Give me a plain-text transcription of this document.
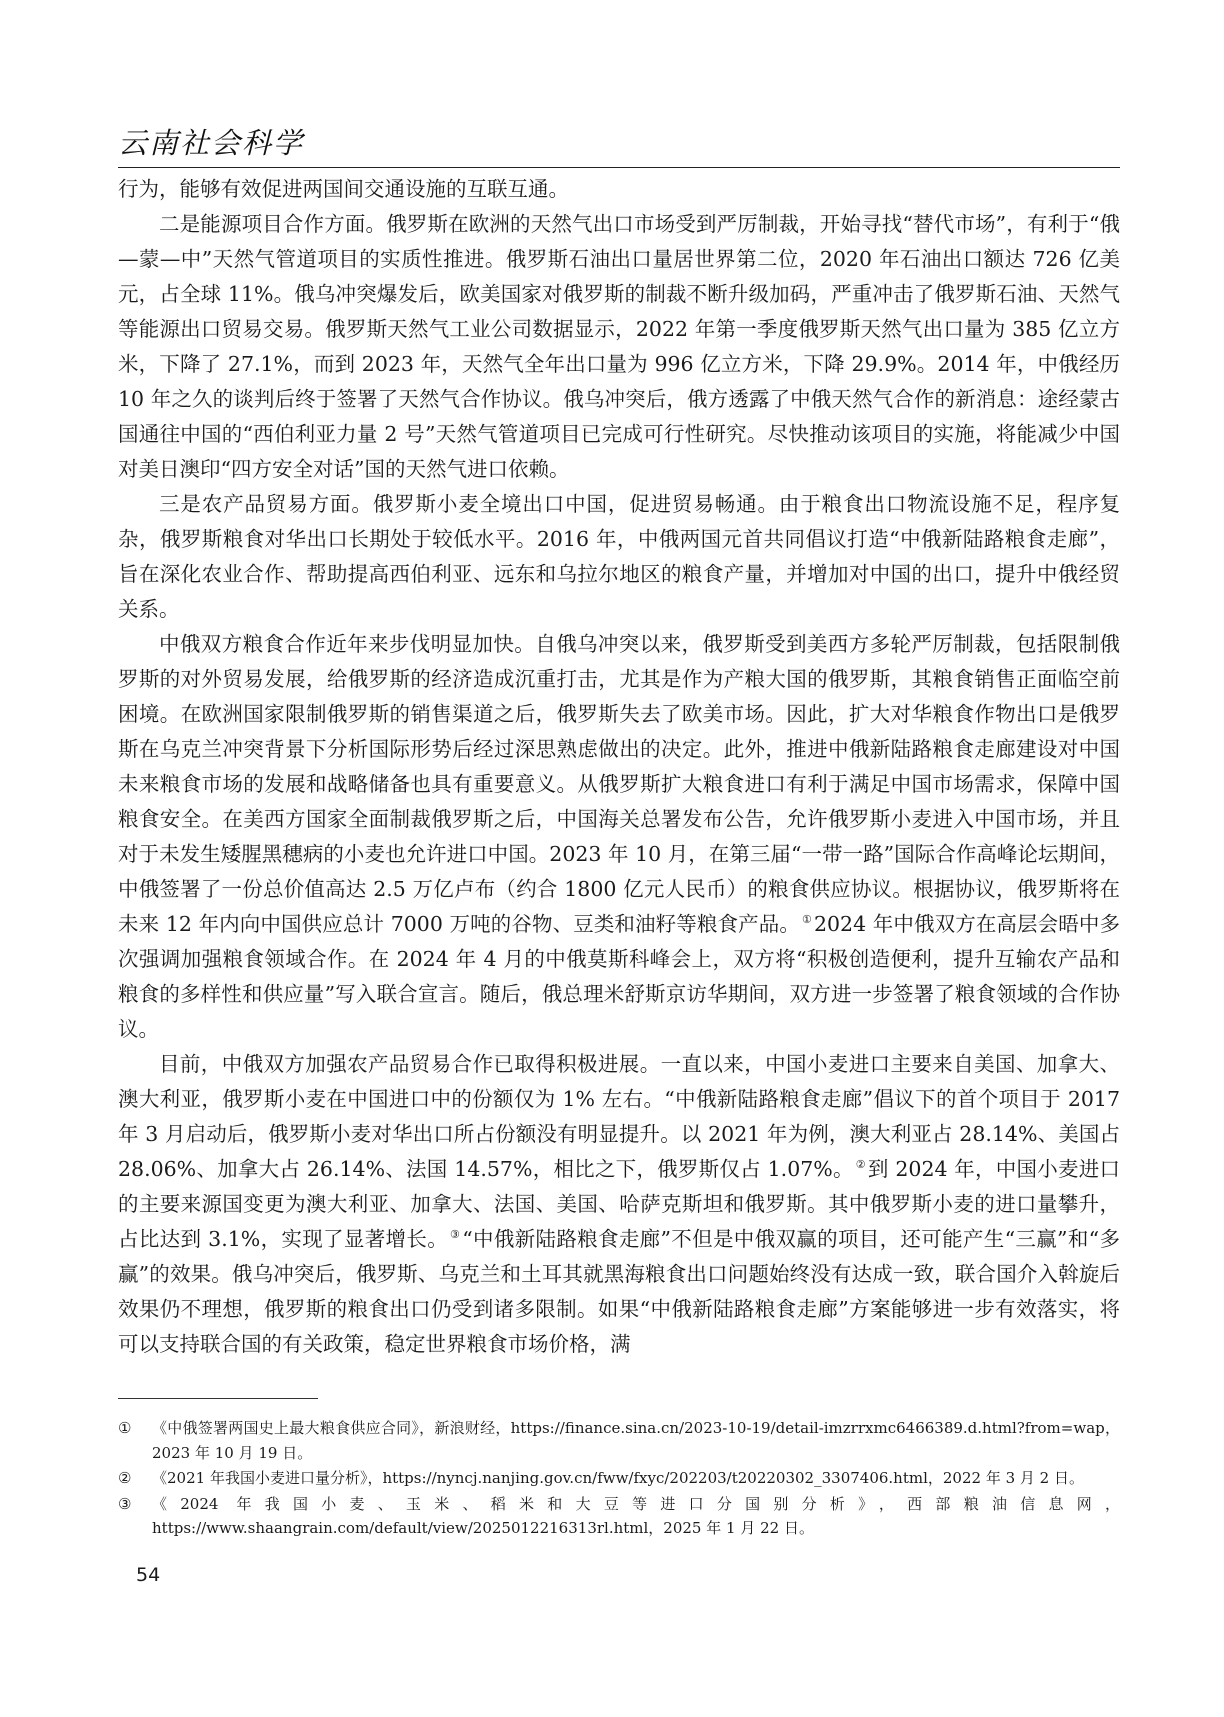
云南社会科学

行为，能够有效促进两国间交通设施的互联互通。

二是能源项目合作方面。俄罗斯在欧洲的天然气出口市场受到严厉制裁，开始寻找“替代市场”，有利于“俄—蒙—中”天然气管道项目的实质性推进。俄罗斯石油出口量居世界第二位，2020 年石油出口额达 726 亿美元，占全球 11%。俄乌冲突爆发后，欧美国家对俄罗斯的制裁不断升级加码，严重冲击了俄罗斯石油、天然气等能源出口贸易交易。俄罗斯天然气工业公司数据显示，2022 年第一季度俄罗斯天然气出口量为 385 亿立方米，下降了 27.1%，而到 2023 年，天然气全年出口量为 996 亿立方米，下降 29.9%。2014 年，中俄经历 10 年之久的谈判后终于签署了天然气合作协议。俄乌冲突后，俄方透露了中俄天然气合作的新消息：途经蒙古国通往中国的“西伯利亚力量 2 号”天然气管道项目已完成可行性研究。尽快推动该项目的实施，将能减少中国对美日澳印“四方安全对话”国的天然气进口依赖。

三是农产品贸易方面。俄罗斯小麦全境出口中国，促进贸易畅通。由于粮食出口物流设施不足，程序复杂，俄罗斯粮食对华出口长期处于较低水平。2016 年，中俄两国元首共同倡议打造“中俄新陆路粮食走廊”，旨在深化农业合作、帮助提高西伯利亚、远东和乌拉尔地区的粮食产量，并增加对中国的出口，提升中俄经贸关系。

中俄双方粮食合作近年来步伐明显加快。自俄乌冲突以来，俄罗斯受到美西方多轮严厉制裁，包括限制俄罗斯的对外贸易发展，给俄罗斯的经济造成沉重打击，尤其是作为产粮大国的俄罗斯，其粮食销售正面临空前困境。在欧洲国家限制俄罗斯的销售渠道之后，俄罗斯失去了欧美市场。因此，扩大对华粮食作物出口是俄罗斯在乌克兰冲突背景下分析国际形势后经过深思熟虑做出的决定。此外，推进中俄新陆路粮食走廊建设对中国未来粮食市场的发展和战略储备也具有重要意义。从俄罗斯扩大粮食进口有利于满足中国市场需求，保障中国粮食安全。在美西方国家全面制裁俄罗斯之后，中国海关总署发布公告，允许俄罗斯小麦进入中国市场，并且对于未发生矮腥黑穗病的小麦也允许进口中国。2023 年 10 月，在第三届“一带一路”国际合作高峰论坛期间，中俄签署了一份总价值高达 2.5 万亿卢布（约合 1800 亿元人民币）的粮食供应协议。根据协议，俄罗斯将在未来 12 年内向中国供应总计 7000 万吨的谷物、豆类和油籽等粮食产品。 ①2024 年中俄双方在高层会晤中多次强调加强粮食领域合作。在 2024 年 4 月的中俄莫斯科峰会上，双方将“积极创造便利，提升互输农产品和粮食的多样性和供应量”写入联合宣言。随后，俄总理米舒斯京访华期间，双方进一步签署了粮食领域的合作协议。

目前，中俄双方加强农产品贸易合作已取得积极进展。一直以来，中国小麦进口主要来自美国、加拿大、澳大利亚，俄罗斯小麦在中国进口中的份额仅为 1% 左右。“中俄新陆路粮食走廊”倡议下的首个项目于 2017 年 3 月启动后，俄罗斯小麦对华出口所占份额没有明显提升。以 2021 年为例，澳大利亚占 28.14%、美国占 28.06%、加拿大占 26.14%、法国 14.57%，相比之下，俄罗斯仅占 1.07%。 ②到 2024 年，中国小麦进口的主要来源国变更为澳大利亚、加拿大、法国、美国、哈萨克斯坦和俄罗斯。其中俄罗斯小麦的进口量攀升，占比达到 3.1%，实现了显著增长。 ③“中俄新陆路粮食走廊”不但是中俄双赢的项目，还可能产生“三赢”和“多赢”的效果。俄乌冲突后，俄罗斯、乌克兰和土耳其就黑海粮食出口问题始终没有达成一致，联合国介入斡旋后效果仍不理想，俄罗斯的粮食出口仍受到诸多限制。如果“中俄新陆路粮食走廊”方案能够进一步有效落实，将可以支持联合国的有关政策，稳定世界粮食市场价格，满

① 《中俄签署两国史上最大粮食供应合同》，新浪财经，https://finance.sina.cn/2023-10-19/detail-imzrrxmc6466389.d.html?from=wap，2023 年 10 月 19 日。
② 《2021 年我国小麦进口量分析》，https://nyncj.nanjing.gov.cn/fww/fxyc/202203/t20220302_3307406.html，2022 年 3 月 2 日。
③ 《2024 年我国小麦、玉米、稻米和大豆等进口分国别分析》，西部粮油信息网，https://www.shaangrain.com/default/view/2025012216313rl.html，2025 年 1 月 22 日。
54
